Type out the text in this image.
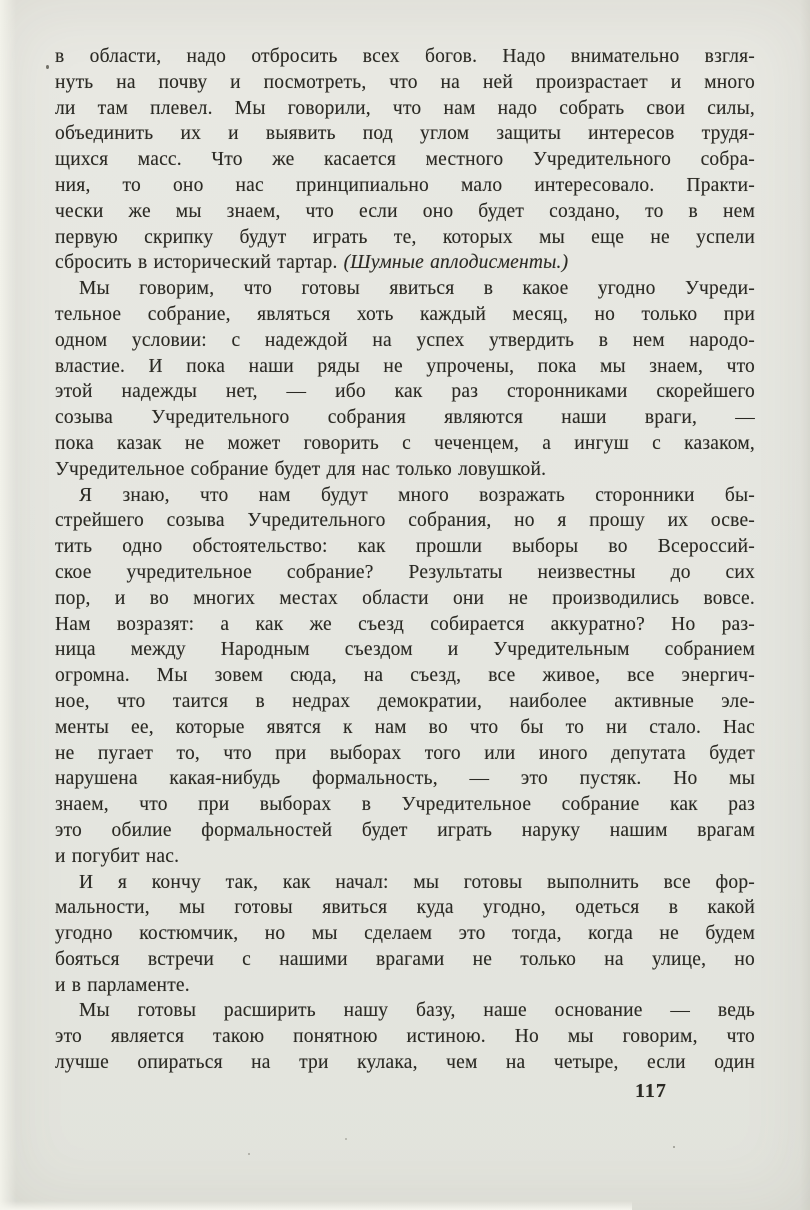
в области, надо отбросить всех богов. Надо внимательно взгля-
нуть на почву и посмотреть, что на ней произрастает и много
ли там плевел. Мы говорили, что нам надо собрать свои силы,
объединить их и выявить под углом защиты интересов трудя-
щихся масс. Что же касается местного Учредительного собра-
ния, то оно нас принципиально мало интересовало. Практи-
чески же мы знаем, что если оно будет создано, то в нем
первую скрипку будут играть те, которых мы еще не успели
сбросить в исторический тартар. (Шумные аплодисменты.)
Мы говорим, что готовы явиться в какое угодно Учреди-
тельное собрание, являться хоть каждый месяц, но только при
одном условии: с надеждой на успех утвердить в нем народо-
властие. И пока наши ряды не упрочены, пока мы знаем, что
этой надежды нет, — ибо как раз сторонниками скорейшего
созыва Учредительного собрания являются наши враги, —
пока казак не может говорить с чеченцем, а ингуш с казаком,
Учредительное собрание будет для нас только ловушкой.
Я знаю, что нам будут много возражать сторонники бы-
стрейшего созыва Учредительного собрания, но я прошу их осве-
тить одно обстоятельство: как прошли выборы во Всероссий-
ское учредительное собрание? Результаты неизвестны до сих
пор, и во многих местах области они не производились вовсе.
Нам возразят: а как же съезд собирается аккуратно? Но раз-
ница между Народным съездом и Учредительным собранием
огромна. Мы зовем сюда, на съезд, все живое, все энергич-
ное, что таится в недрах демократии, наиболее активные эле-
менты ее, которые явятся к нам во что бы то ни стало. Нас
не пугает то, что при выборах того или иного депутата будет
нарушена какая-нибудь формальность, — это пустяк. Но мы
знаем, что при выборах в Учредительное собрание как раз
это обилие формальностей будет играть наруку нашим врагам
и погубит нас.
И я кончу так, как начал: мы готовы выполнить все фор-
мальности, мы готовы явиться куда угодно, одеться в какой
угодно костюмчик, но мы сделаем это тогда, когда не будем
бояться встречи с нашими врагами не только на улице, но
и в парламенте.
Мы готовы расширить нашу базу, наше основание — ведь
это является такою понятною истиною. Но мы говорим, что
лучше опираться на три кулака, чем на четыре, если один
117
